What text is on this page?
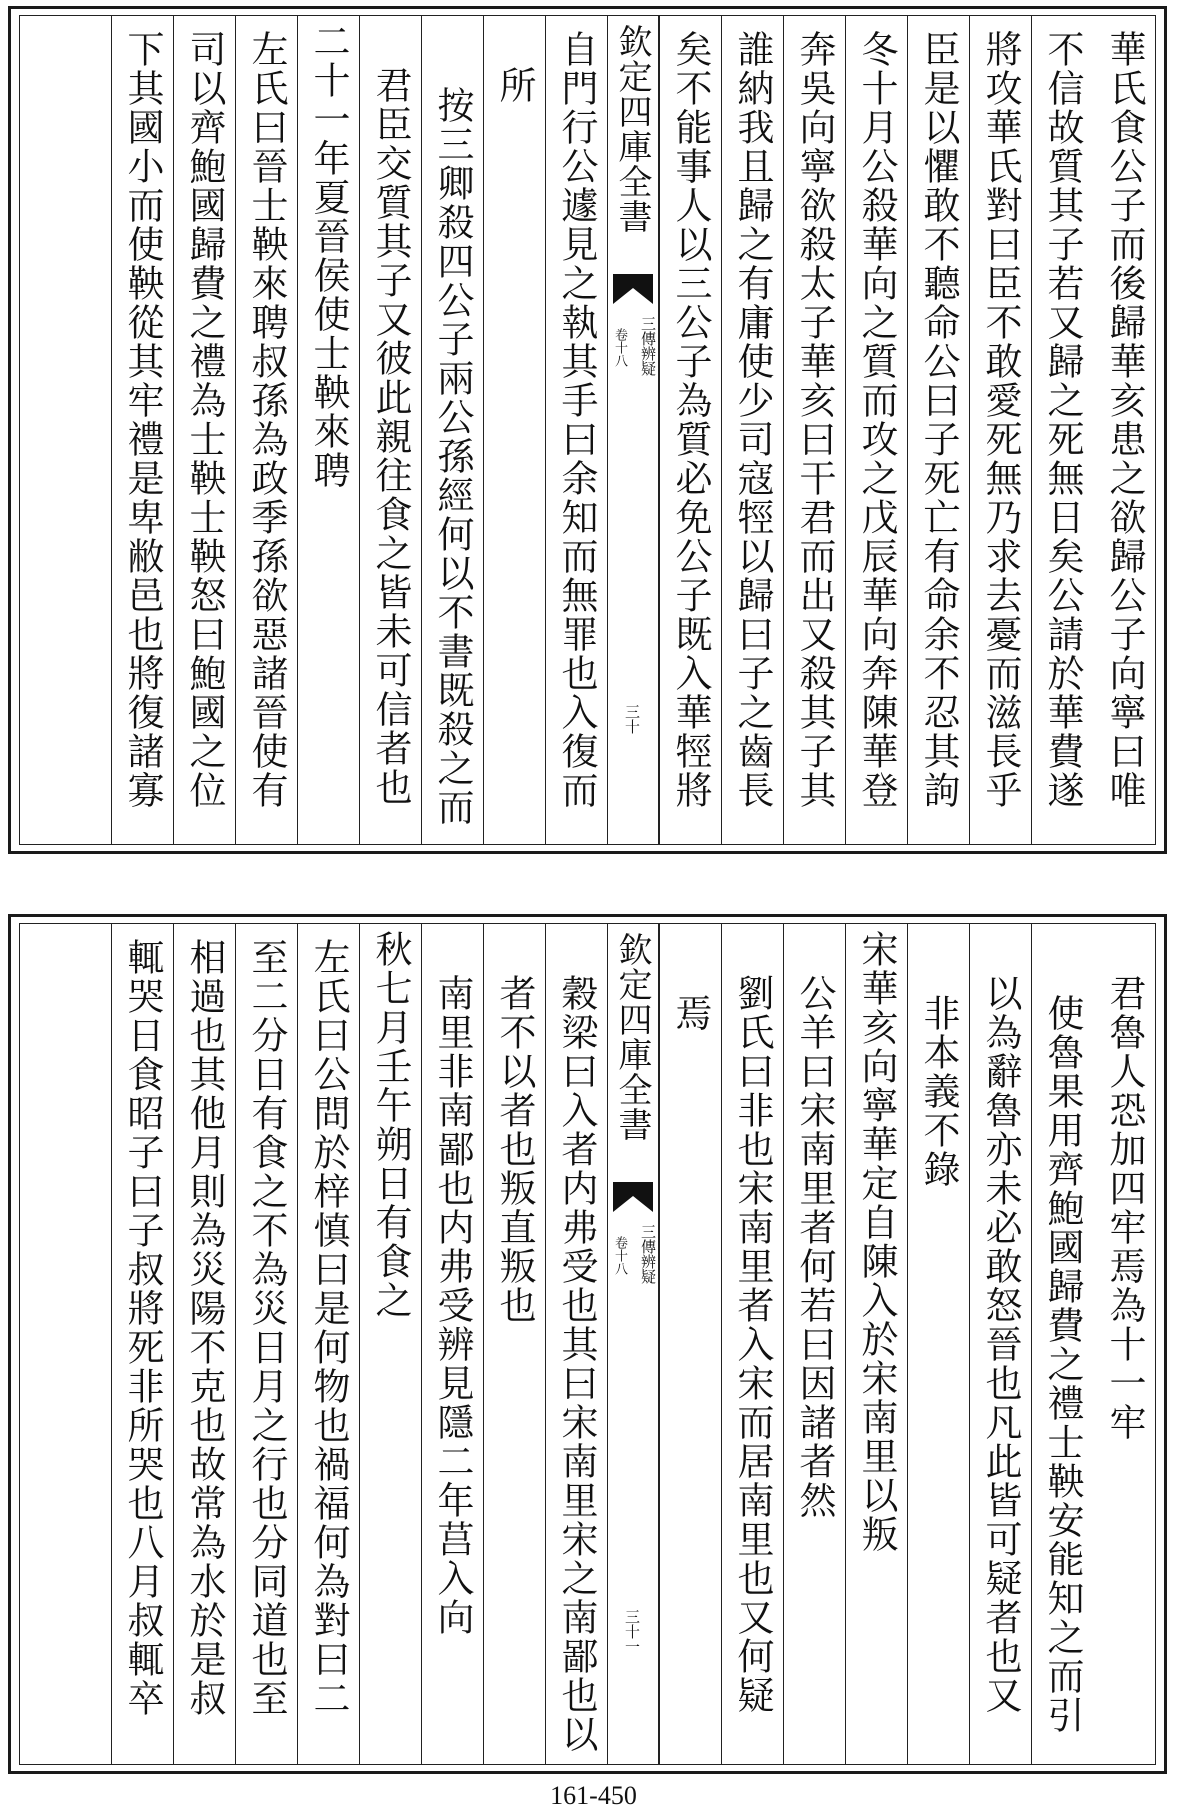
華氏食公子而後歸華亥患之欲歸公子向寧曰唯
不信故質其子若又歸之死無日矣公請於華費遂
將攻華氏對曰臣不敢愛死無乃求去憂而滋長乎
臣是以懼敢不聽命公曰子死亡有命余不忍其訽
冬十月公殺華向之質而攻之戊辰華向奔陳華登
奔吳向寧欲殺太子華亥曰干君而出又殺其子其
誰納我且歸之有庸使少司寇牼以歸曰子之齒長
矣不能事人以三公子為質必免公子既入華牼將
欽定四庫全書
三傳辨疑
卷十八
三十
自門行公遽見之執其手曰余知而無罪也入復而
所
按三卿殺四公子兩公孫經何以不書既殺之而
君臣交質其子又彼此親往食之皆未可信者也
二十一年夏晉侯使士鞅來聘
左氏曰晉士鞅來聘叔孫為政季孫欲惡諸晉使有
司以齊鮑國歸費之禮為士鞅士鞅怒曰鮑國之位
下其國小而使鞅從其牢禮是卑敝邑也將復諸寡
君魯人恐加四牢焉為十一牢
使魯果用齊鮑國歸費之禮士鞅安能知之而引
以為辭魯亦未必敢怒晉也凡此皆可疑者也又
非本義不錄
宋華亥向寧華定自陳入於宋南里以叛
公羊曰宋南里者何若曰因諸者然
劉氏曰非也宋南里者入宋而居南里也又何疑
焉
欽定四庫全書
三傳辨疑
卷十八
三十一
穀梁曰入者内弗受也其曰宋南里宋之南鄙也以
者不以者也叛直叛也
南里非南鄙也内弗受辨見隱二年莒入向
秋七月壬午朔日有食之
左氏曰公問於梓慎曰是何物也禍福何為對曰二
至二分日有食之不為災日月之行也分同道也至
相過也其他月則為災陽不克也故常為水於是叔
輒哭日食昭子曰子叔將死非所哭也八月叔輒卒
161-450
